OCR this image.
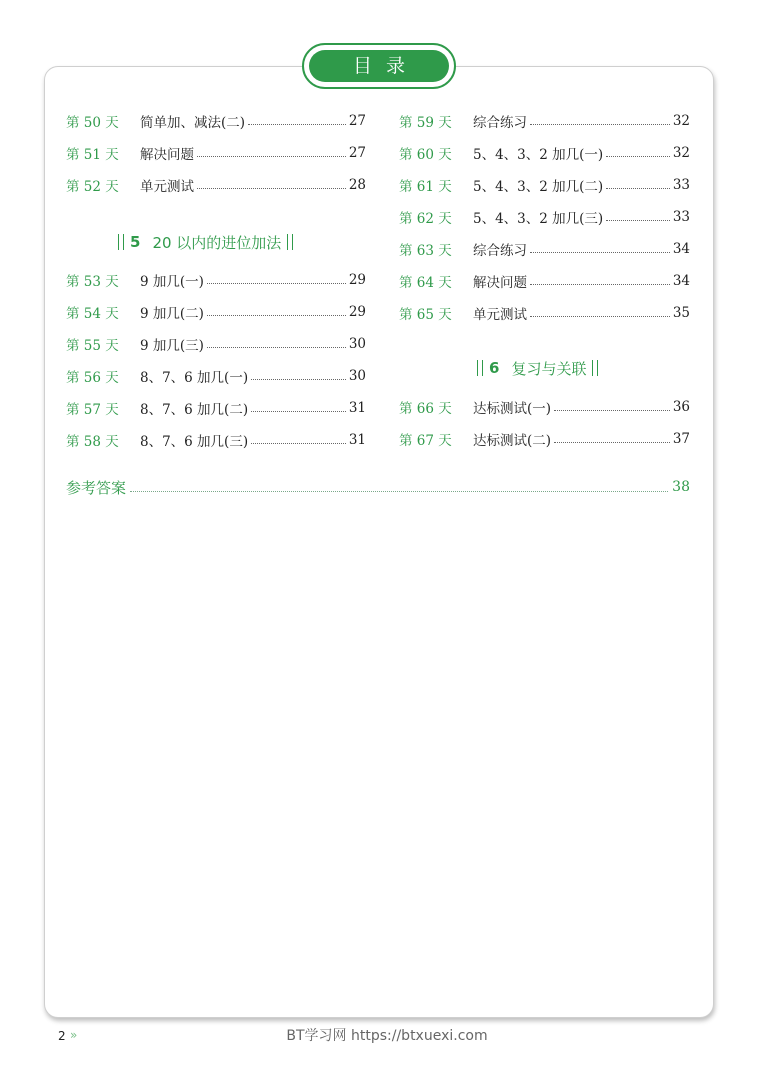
目录
第 50 天	简单加、减法(二)	27
第 51 天	解决问题	27
第 52 天	单元测试	28
5 20 以内的进位加法
第 53 天	9 加几(一)	29
第 54 天	9 加几(二)	29
第 55 天	9 加几(三)	30
第 56 天	8、7、6 加几(一)	30
第 57 天	8、7、6 加几(二)	31
第 58 天	8、7、6 加几(三)	31
第 59 天	综合练习	32
第 60 天	5、4、3、2 加几(一)	32
第 61 天	5、4、3、2 加几(二)	33
第 62 天	5、4、3、2 加几(三)	33
第 63 天	综合练习	34
第 64 天	解决问题	34
第 65 天	单元测试	35
6 复习与关联
第 66 天	达标测试(一)	36
第 67 天	达标测试(二)	37
参考答案	38
2 »	BT学习网 https://btxuexi.com
